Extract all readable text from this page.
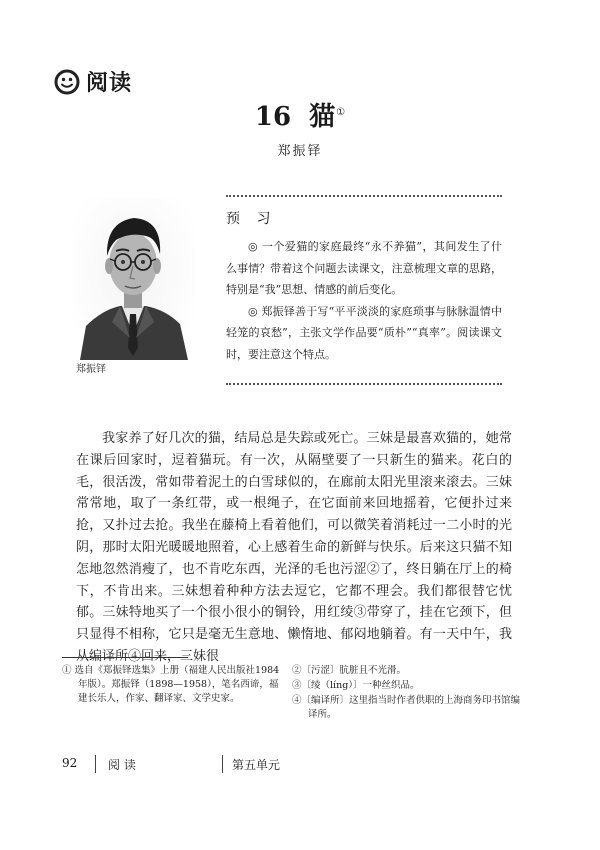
阅读
16 猫①
郑振铎
郑振铎
预 习

◎ 一个爱猫的家庭最终“永不养猫”，其间发生了什么事情？带着这个问题去读课文，注意梳理文章的思路，特别是“我”思想、情感的前后变化。

◎ 郑振铎善于写“平平淡淡的家庭琐事与脉脉温情中轻笼的哀愁”，主张文学作品要“质朴”“真率”。阅读课文时，要注意这个特点。

我家养了好几次的猫，结局总是失踪或死亡。三妹是最喜欢猫的，她常在课后回家时，逗着猫玩。有一次，从隔壁要了一只新生的猫来。花白的毛，很活泼，常如带着泥土的白雪球似的，在廊前太阳光里滚来滚去。三妹常常地，取了一条红带，或一根绳子，在它面前来回地摇着，它便扑过来抢，又扑过去抢。我坐在藤椅上看着他们，可以微笑着消耗过一二小时的光阴，那时太阳光暖暖地照着，心上感着生命的新鲜与快乐。后来这只猫不知怎地忽然消瘦了，也不肯吃东西，光泽的毛也污涩②了，终日躺在厅上的椅下，不肯出来。三妹想着种种方法去逗它，它都不理会。我们都很替它忧郁。三妹特地买了一个很小很小的铜铃，用红绫③带穿了，挂在它颈下，但只显得不相称，它只是毫无生意地、懒惰地、郁闷地躺着。有一天中午，我从编译所④回来，三妹很

① 选自《郑振铎选集》上册（福建人民出版社1984年版）。郑振铎（1898—1958），笔名西谛，福建长乐人，作家、翻译家、文学史家。

②〔污涩〕肮脏且不光滑。

③〔绫（líng）〕一种丝织品。

④〔编译所〕这里指当时作者供职的上海商务印书馆编译所。

92	阅 读	第五单元
